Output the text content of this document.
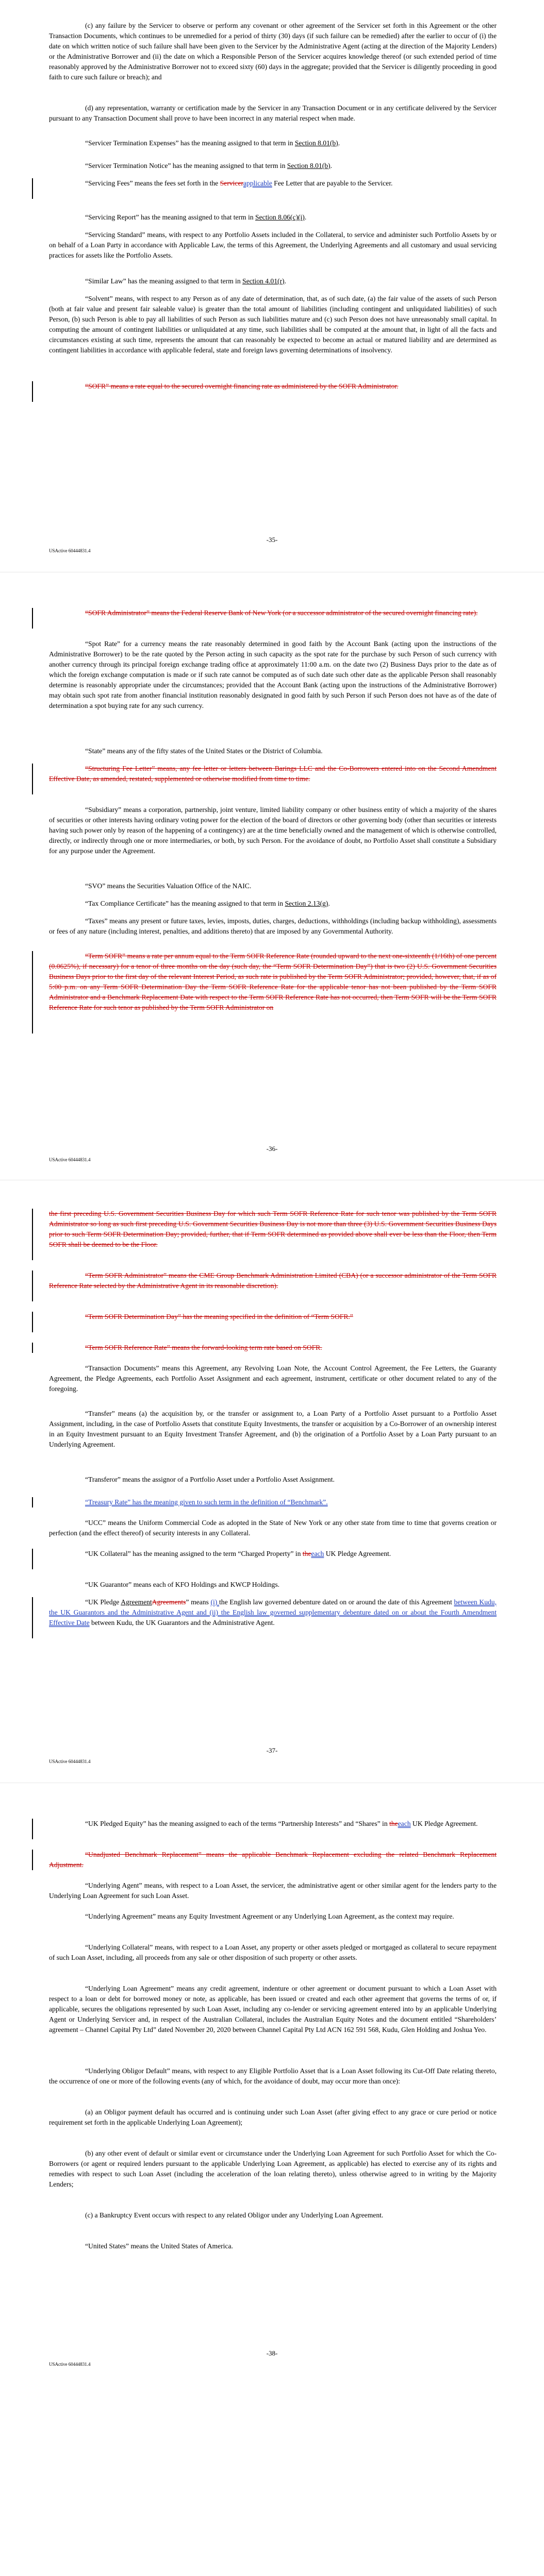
(c) any failure by the Servicer to observe or perform any covenant or other agreement of the Servicer set forth in this Agreement or the other Transaction Documents, which continues to be unremedied for a period of thirty (30) days (if such failure can be remedied) after the earlier to occur of (i) the date on which written notice of such failure shall have been given to the Servicer by the Administrative Agent (acting at the direction of the Majority Lenders) or the Administrative Borrower and (ii) the date on which a Responsible Person of the Servicer acquires knowledge thereof (or such extended period of time reasonably approved by the Administrative Borrower not to exceed sixty (60) days in the aggregate; provided that the Servicer is diligently proceeding in good faith to cure such failure or breach); and

(d) any representation, warranty or certification made by the Servicer in any Transaction Document or in any certificate delivered by the Servicer pursuant to any Transaction Document shall prove to have been incorrect in any material respect when made.

“Servicer Termination Expenses” has the meaning assigned to that term in Section 8.01(b).

“Servicer Termination Notice” has the meaning assigned to that term in Section 8.01(b).

“Servicing Fees” means the fees set forth in the Servicerapplicable Fee Letter that are payable to the Servicer.

“Servicing Report” has the meaning assigned to that term in Section 8.06(c)(i).

“Servicing Standard” means, with respect to any Portfolio Assets included in the Collateral, to service and administer such Portfolio Assets by or on behalf of a Loan Party in accordance with Applicable Law, the terms of this Agreement, the Underlying Agreements and all customary and usual servicing practices for assets like the Portfolio Assets.

“Similar Law” has the meaning assigned to that term in Section 4.01(r).

“Solvent” means, with respect to any Person as of any date of determination, that, as of such date, (a) the fair value of the assets of such Person (both at fair value and present fair saleable value) is greater than the total amount of liabilities (including contingent and unliquidated liabilities) of such Person, (b) such Person is able to pay all liabilities of such Person as such liabilities mature and (c) such Person does not have unreasonably small capital. In computing the amount of contingent liabilities or unliquidated at any time, such liabilities shall be computed at the amount that, in light of all the facts and circumstances existing at such time, represents the amount that can reasonably be expected to become an actual or matured liability and are determined as contingent liabilities in accordance with applicable federal, state and foreign laws governing determinations of insolvency.

“SOFR” means a rate equal to the secured overnight financing rate as administered by the SOFR Administrator.

-35-
USActive 60444831.4

“SOFR Administrator” means the Federal Reserve Bank of New York (or a successor administrator of the secured overnight financing rate).

“Spot Rate” for a currency means the rate reasonably determined in good faith by the Account Bank (acting upon the instructions of the Administrative Borrower) to be the rate quoted by the Person acting in such capacity as the spot rate for the purchase by such Person of such currency with another currency through its principal foreign exchange trading office at approximately 11:00 a.m. on the date two (2) Business Days prior to the date as of which the foreign exchange computation is made or if such rate cannot be computed as of such date such other date as the applicable Person shall reasonably determine is reasonably appropriate under the circumstances; provided that the Account Bank (acting upon the instructions of the Administrative Borrower) may obtain such spot rate from another financial institution reasonably designated in good faith by such Person if such Person does not have as of the date of determination a spot buying rate for any such currency.

“State” means any of the fifty states of the United States or the District of Columbia.

“Structuring Fee Letter” means, any fee letter or letters between Barings LLC and the Co-Borrowers entered into on the Second Amendment Effective Date, as amended, restated, supplemented or otherwise modified from time to time.

“Subsidiary” means a corporation, partnership, joint venture, limited liability company or other business entity of which a majority of the shares of securities or other interests having ordinary voting power for the election of the board of directors or other governing body (other than securities or interests having such power only by reason of the happening of a contingency) are at the time beneficially owned and the management of which is otherwise controlled, directly, or indirectly through one or more intermediaries, or both, by such Person. For the avoidance of doubt, no Portfolio Asset shall constitute a Subsidiary for any purpose under the Agreement.

“SVO” means the Securities Valuation Office of the NAIC.

“Tax Compliance Certificate” has the meaning assigned to that term in Section 2.13(g).

“Taxes” means any present or future taxes, levies, imposts, duties, charges, deductions, withholdings (including backup withholding), assessments or fees of any nature (including interest, penalties, and additions thereto) that are imposed by any Governmental Authority.

“Term SOFR” means a rate per annum equal to the Term SOFR Reference Rate (rounded upward to the next one-sixteenth (1/16th) of one percent (0.0625%), if necessary) for a tenor of three months on the day (such day, the “Term SOFR Determination Day”) that is two (2) U.S. Government Securities Business Days prior to the first day of the relevant Interest Period, as such rate is published by the Term SOFR Administrator; provided, however, that, if as of 5:00 p.m. on any Term SOFR Determination Day the Term SOFR Reference Rate for the applicable tenor has not been published by the Term SOFR Administrator and a Benchmark Replacement Date with respect to the Term SOFR Reference Rate has not occurred, then Term SOFR will be the Term SOFR Reference Rate for such tenor as published by the Term SOFR Administrator on

-36-
USActive 60444831.4

the first preceding U.S. Government Securities Business Day for which such Term SOFR Reference Rate for such tenor was published by the Term SOFR Administrator so long as such first preceding U.S. Government Securities Business Day is not more than three (3) U.S. Government Securities Business Days prior to such Term SOFR Determination Day; provided, further, that if Term SOFR determined as provided above shall ever be less than the Floor, then Term SOFR shall be deemed to be the Floor.

“Term SOFR Administrator” means the CME Group Benchmark Administration Limited (CBA) (or a successor administrator of the Term SOFR Reference Rate selected by the Administrative Agent in its reasonable discretion).

“Term SOFR Determination Day” has the meaning specified in the definition of “Term SOFR.”

“Term SOFR Reference Rate” means the forward-looking term rate based on SOFR.

“Transaction Documents” means this Agreement, any Revolving Loan Note, the Account Control Agreement, the Fee Letters, the Guaranty Agreement, the Pledge Agreements, each Portfolio Asset Assignment and each agreement, instrument, certificate or other document related to any of the foregoing.

“Transfer” means (a) the acquisition by, or the transfer or assignment to, a Loan Party of a Portfolio Asset pursuant to a Portfolio Asset Assignment, including, in the case of Portfolio Assets that constitute Equity Investments, the transfer or acquisition by a Co-Borrower of an ownership interest in an Equity Investment pursuant to an Equity Investment Transfer Agreement, and (b) the origination of a Portfolio Asset by a Loan Party pursuant to an Underlying Agreement.

“Transferor” means the assignor of a Portfolio Asset under a Portfolio Asset Assignment.

“Treasury Rate” has the meaning given to such term in the definition of “Benchmark”.

“UCC” means the Uniform Commercial Code as adopted in the State of New York or any other state from time to time that governs creation or perfection (and the effect thereof) of security interests in any Collateral.

“UK Collateral” has the meaning assigned to the term “Charged Property” in theeach UK Pledge Agreement.

“UK Guarantor” means each of KFO Holdings and KWCP Holdings.

“UK Pledge AgreementAgreements” means (i) the English law governed debenture dated on or around the date of this Agreement between Kudu, the UK Guarantors and the Administrative Agent and (ii) the English law governed supplementary debenture dated on or about the Fourth Amendment Effective Date between Kudu, the UK Guarantors and the Administrative Agent.

-37-
USActive 60444831.4

“UK Pledged Equity” has the meaning assigned to each of the terms “Partnership Interests” and “Shares” in theeach UK Pledge Agreement.

“Unadjusted Benchmark Replacement” means the applicable Benchmark Replacement excluding the related Benchmark Replacement Adjustment.

“Underlying Agent” means, with respect to a Loan Asset, the servicer, the administrative agent or other similar agent for the lenders party to the Underlying Loan Agreement for such Loan Asset.

“Underlying Agreement” means any Equity Investment Agreement or any Underlying Loan Agreement, as the context may require.

“Underlying Collateral” means, with respect to a Loan Asset, any property or other assets pledged or mortgaged as collateral to secure repayment of such Loan Asset, including, all proceeds from any sale or other disposition of such property or other assets.

“Underlying Loan Agreement” means any credit agreement, indenture or other agreement or document pursuant to which a Loan Asset with respect to a loan or debt for borrowed money or note, as applicable, has been issued or created and each other agreement that governs the terms of or, if applicable, secures the obligations represented by such Loan Asset, including any co-lender or servicing agreement entered into by an applicable Underlying Agent or Underlying Servicer and, in respect of the Australian Collateral, includes the Australian Equity Notes and the document entitled “Shareholders’ agreement – Channel Capital Pty Ltd” dated November 20, 2020 between Channel Capital Pty Ltd ACN 162 591 568, Kudu, Glen Holding and Joshua Yeo.

“Underlying Obligor Default” means, with respect to any Eligible Portfolio Asset that is a Loan Asset following its Cut-Off Date relating thereto, the occurrence of one or more of the following events (any of which, for the avoidance of doubt, may occur more than once):

(a) an Obligor payment default has occurred and is continuing under such Loan Asset (after giving effect to any grace or cure period or notice requirement set forth in the applicable Underlying Loan Agreement);

(b) any other event of default or similar event or circumstance under the Underlying Loan Agreement for such Portfolio Asset for which the Co-Borrowers (or agent or required lenders pursuant to the applicable Underlying Loan Agreement, as applicable) has elected to exercise any of its rights and remedies with respect to such Loan Asset (including the acceleration of the loan relating thereto), unless otherwise agreed to in writing by the Majority Lenders;

(c) a Bankruptcy Event occurs with respect to any related Obligor under any Underlying Loan Agreement.

“United States” means the United States of America.

-38-
USActive 60444831.4
